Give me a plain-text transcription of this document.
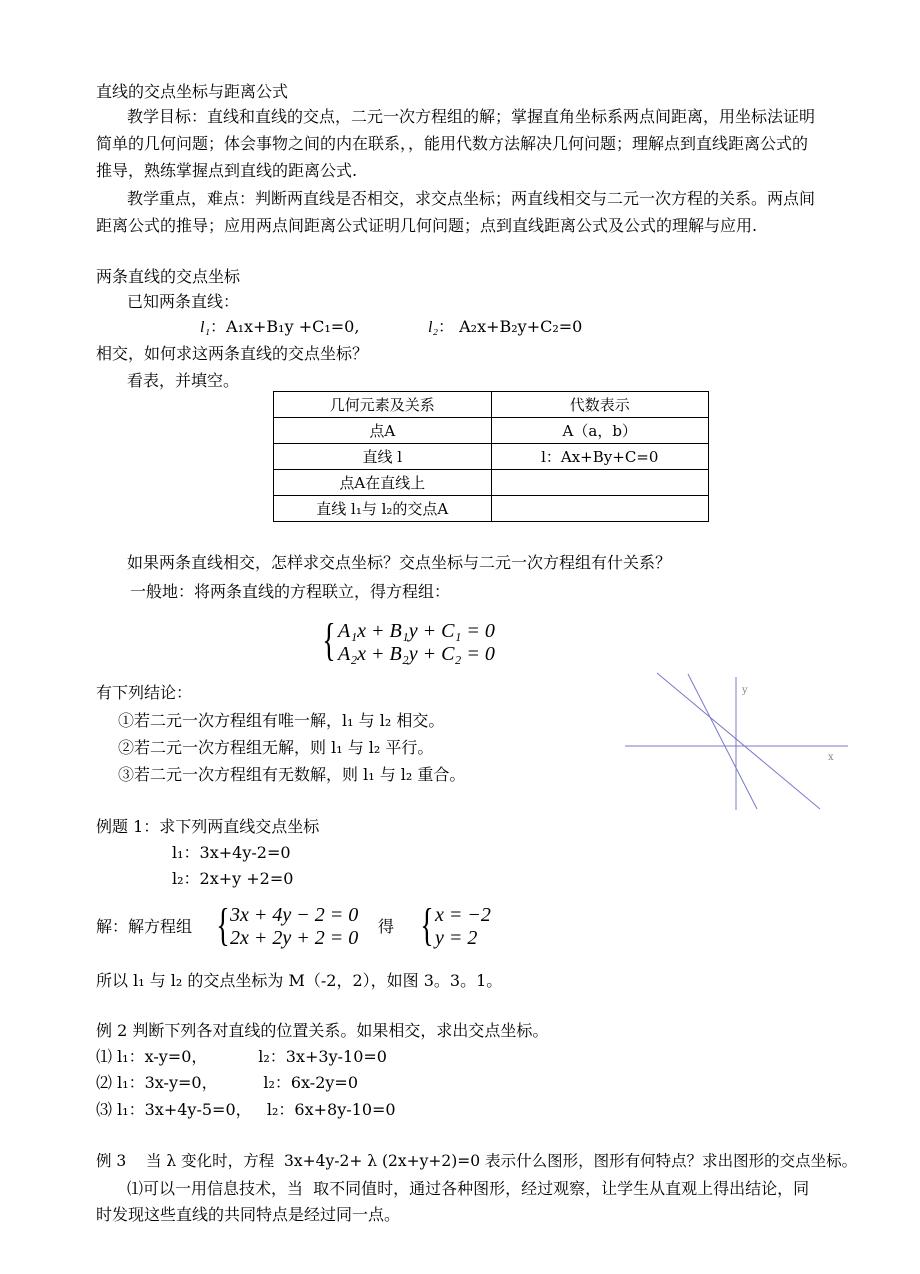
直线的交点坐标与距离公式
教学目标：直线和直线的交点，二元一次方程组的解；掌握直角坐标系两点间距离，用坐标法证明
简单的几何问题；体会事物之间的内在联系，，能用代数方法解决几何问题；理解点到直线距离公式的
推导，熟练掌握点到直线的距离公式.
教学重点，难点：判断两直线是否相交，求交点坐标；两直线相交与二元一次方程的关系。两点间
距离公式的推导；应用两点间距离公式证明几何问题；点到直线距离公式及公式的理解与应用.
两条直线的交点坐标
已知两条直线：
l₁：A₁x+B₁y +C₁=0,	l₂： A₂x+B₂y+C₂=0
相交，如何求这两条直线的交点坐标？
看表，并填空。
几何元素及关系	代数表示
点A	A（a，b）
直线 l	l：Ax+By+C=0
点A在直线上	
直线 l₁与 l₂的交点A	
如果两条直线相交，怎样求交点坐标？交点坐标与二元一次方程组有什关系？
一般地：将两条直线的方程联立，得方程组：
{ A₁x + B₁y + C₁ = 0
A₂x + B₂y + C₂ = 0
有下列结论：
①若二元一次方程组有唯一解，l₁ 与 l₂ 相交。
②若二元一次方程组无解，则 l₁ 与 l₂ 平行。
③若二元一次方程组有无数解，则 l₁ 与 l₂ 重合。
x
y
例题 1：求下列两直线交点坐标
l₁：3x+4y-2=0
l₂：2x+y +2=0
解：解方程组 { 3x + 4y − 2 = 0
2x + 2y + 2 = 0
得 { x = −2
y = 2
所以 l₁ 与 l₂ 的交点坐标为 M（-2，2），如图 3。3。1。
例 2 判断下列各对直线的位置关系。如果相交，求出交点坐标。
⑴ l₁：x-y=0，          l₂：3x+3y-10=0
⑵ l₁：3x-y=0，         l₂：6x-2y=0
⑶ l₁：3x+4y-5=0，   l₂：6x+8y-10=0
例 3    当 λ 变化时，方程  3x+4y-2+ λ (2x+y+2)=0 表示什么图形，图形有何特点？求出图形的交点坐标。
⑴可以一用信息技术，当  取不同值时，通过各种图形，经过观察，让学生从直观上得出结论，同
时发现这些直线的共同特点是经过同一点。
